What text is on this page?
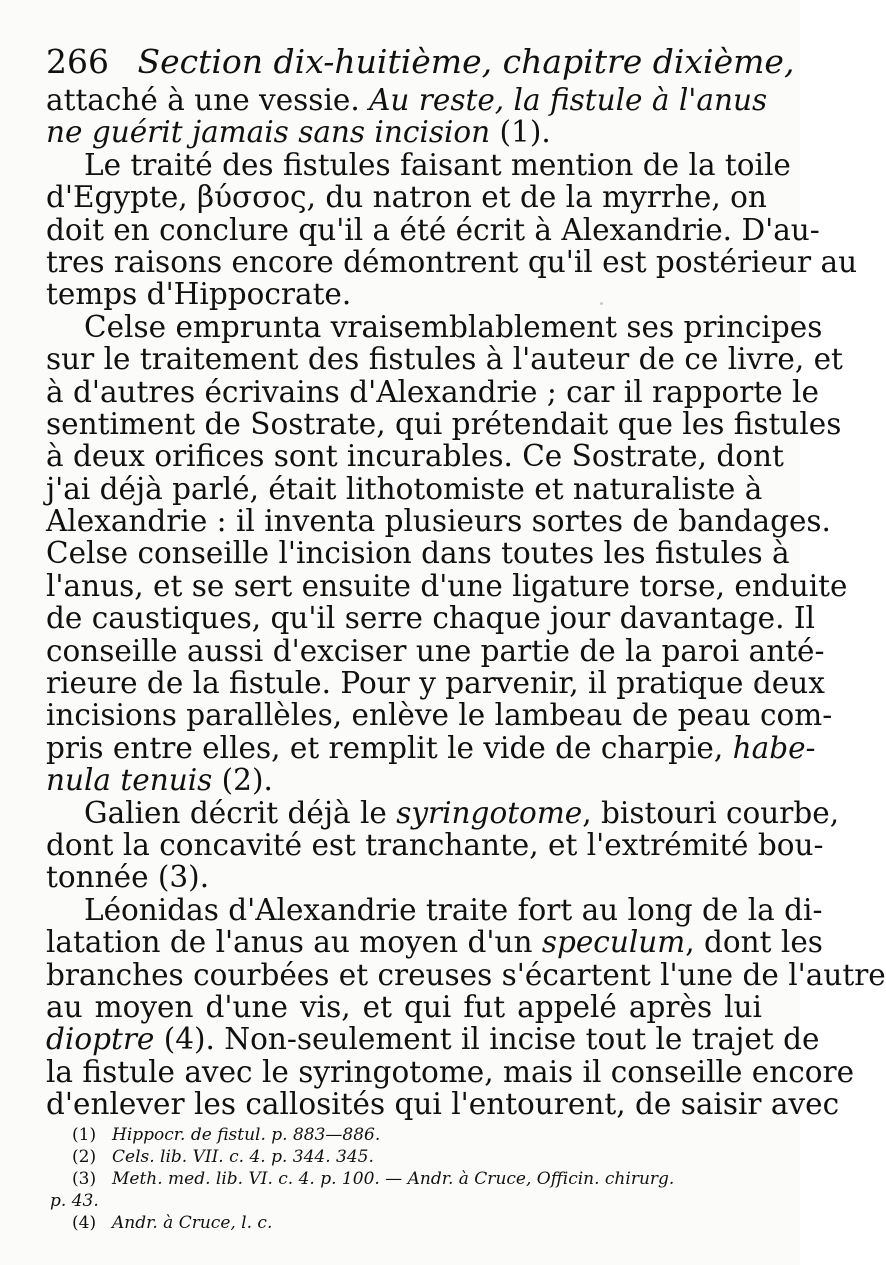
266 Section dix-huitième, chapitre dixième,
attaché à une vessie. Au reste, la fistule à l'anus
ne guérit jamais sans incision (1).
Le traité des fistules faisant mention de la toile
d'Egypte, βύσσος, du natron et de la myrrhe, on
doit en conclure qu'il a été écrit à Alexandrie. D'au-
tres raisons encore démontrent qu'il est postérieur au
temps d'Hippocrate.
Celse emprunta vraisemblablement ses principes
sur le traitement des fistules à l'auteur de ce livre, et
à d'autres écrivains d'Alexandrie ; car il rapporte le
sentiment de Sostrate, qui prétendait que les fistules
à deux orifices sont incurables. Ce Sostrate, dont
j'ai déjà parlé, était lithotomiste et naturaliste à
Alexandrie : il inventa plusieurs sortes de bandages.
Celse conseille l'incision dans toutes les fistules à
l'anus, et se sert ensuite d'une ligature torse, enduite
de caustiques, qu'il serre chaque jour davantage. Il
conseille aussi d'exciser une partie de la paroi anté-
rieure de la fistule. Pour y parvenir, il pratique deux
incisions parallèles, enlève le lambeau de peau com-
pris entre elles, et remplit le vide de charpie, habe-
nula tenuis (2).
Galien décrit déjà le syringotome, bistouri courbe,
dont la concavité est tranchante, et l'extrémité bou-
tonnée (3).
Léonidas d'Alexandrie traite fort au long de la di-
latation de l'anus au moyen d'un speculum, dont les
branches courbées et creuses s'écartent l'une de l'autre
au moyen d'une vis, et qui fut appelé après lui
dioptre (4). Non-seulement il incise tout le trajet de
la fistule avec le syringotome, mais il conseille encore
d'enlever les callosités qui l'entourent, de saisir avec
(1) Hippocr. de fistul. p. 883—886.
(2) Cels. lib. VII. c. 4. p. 344. 345.
(3) Meth. med. lib. VI. c. 4. p. 100. — Andr. à Cruce, Officin. chirurg.
p. 43.
(4) Andr. à Cruce, l. c.
